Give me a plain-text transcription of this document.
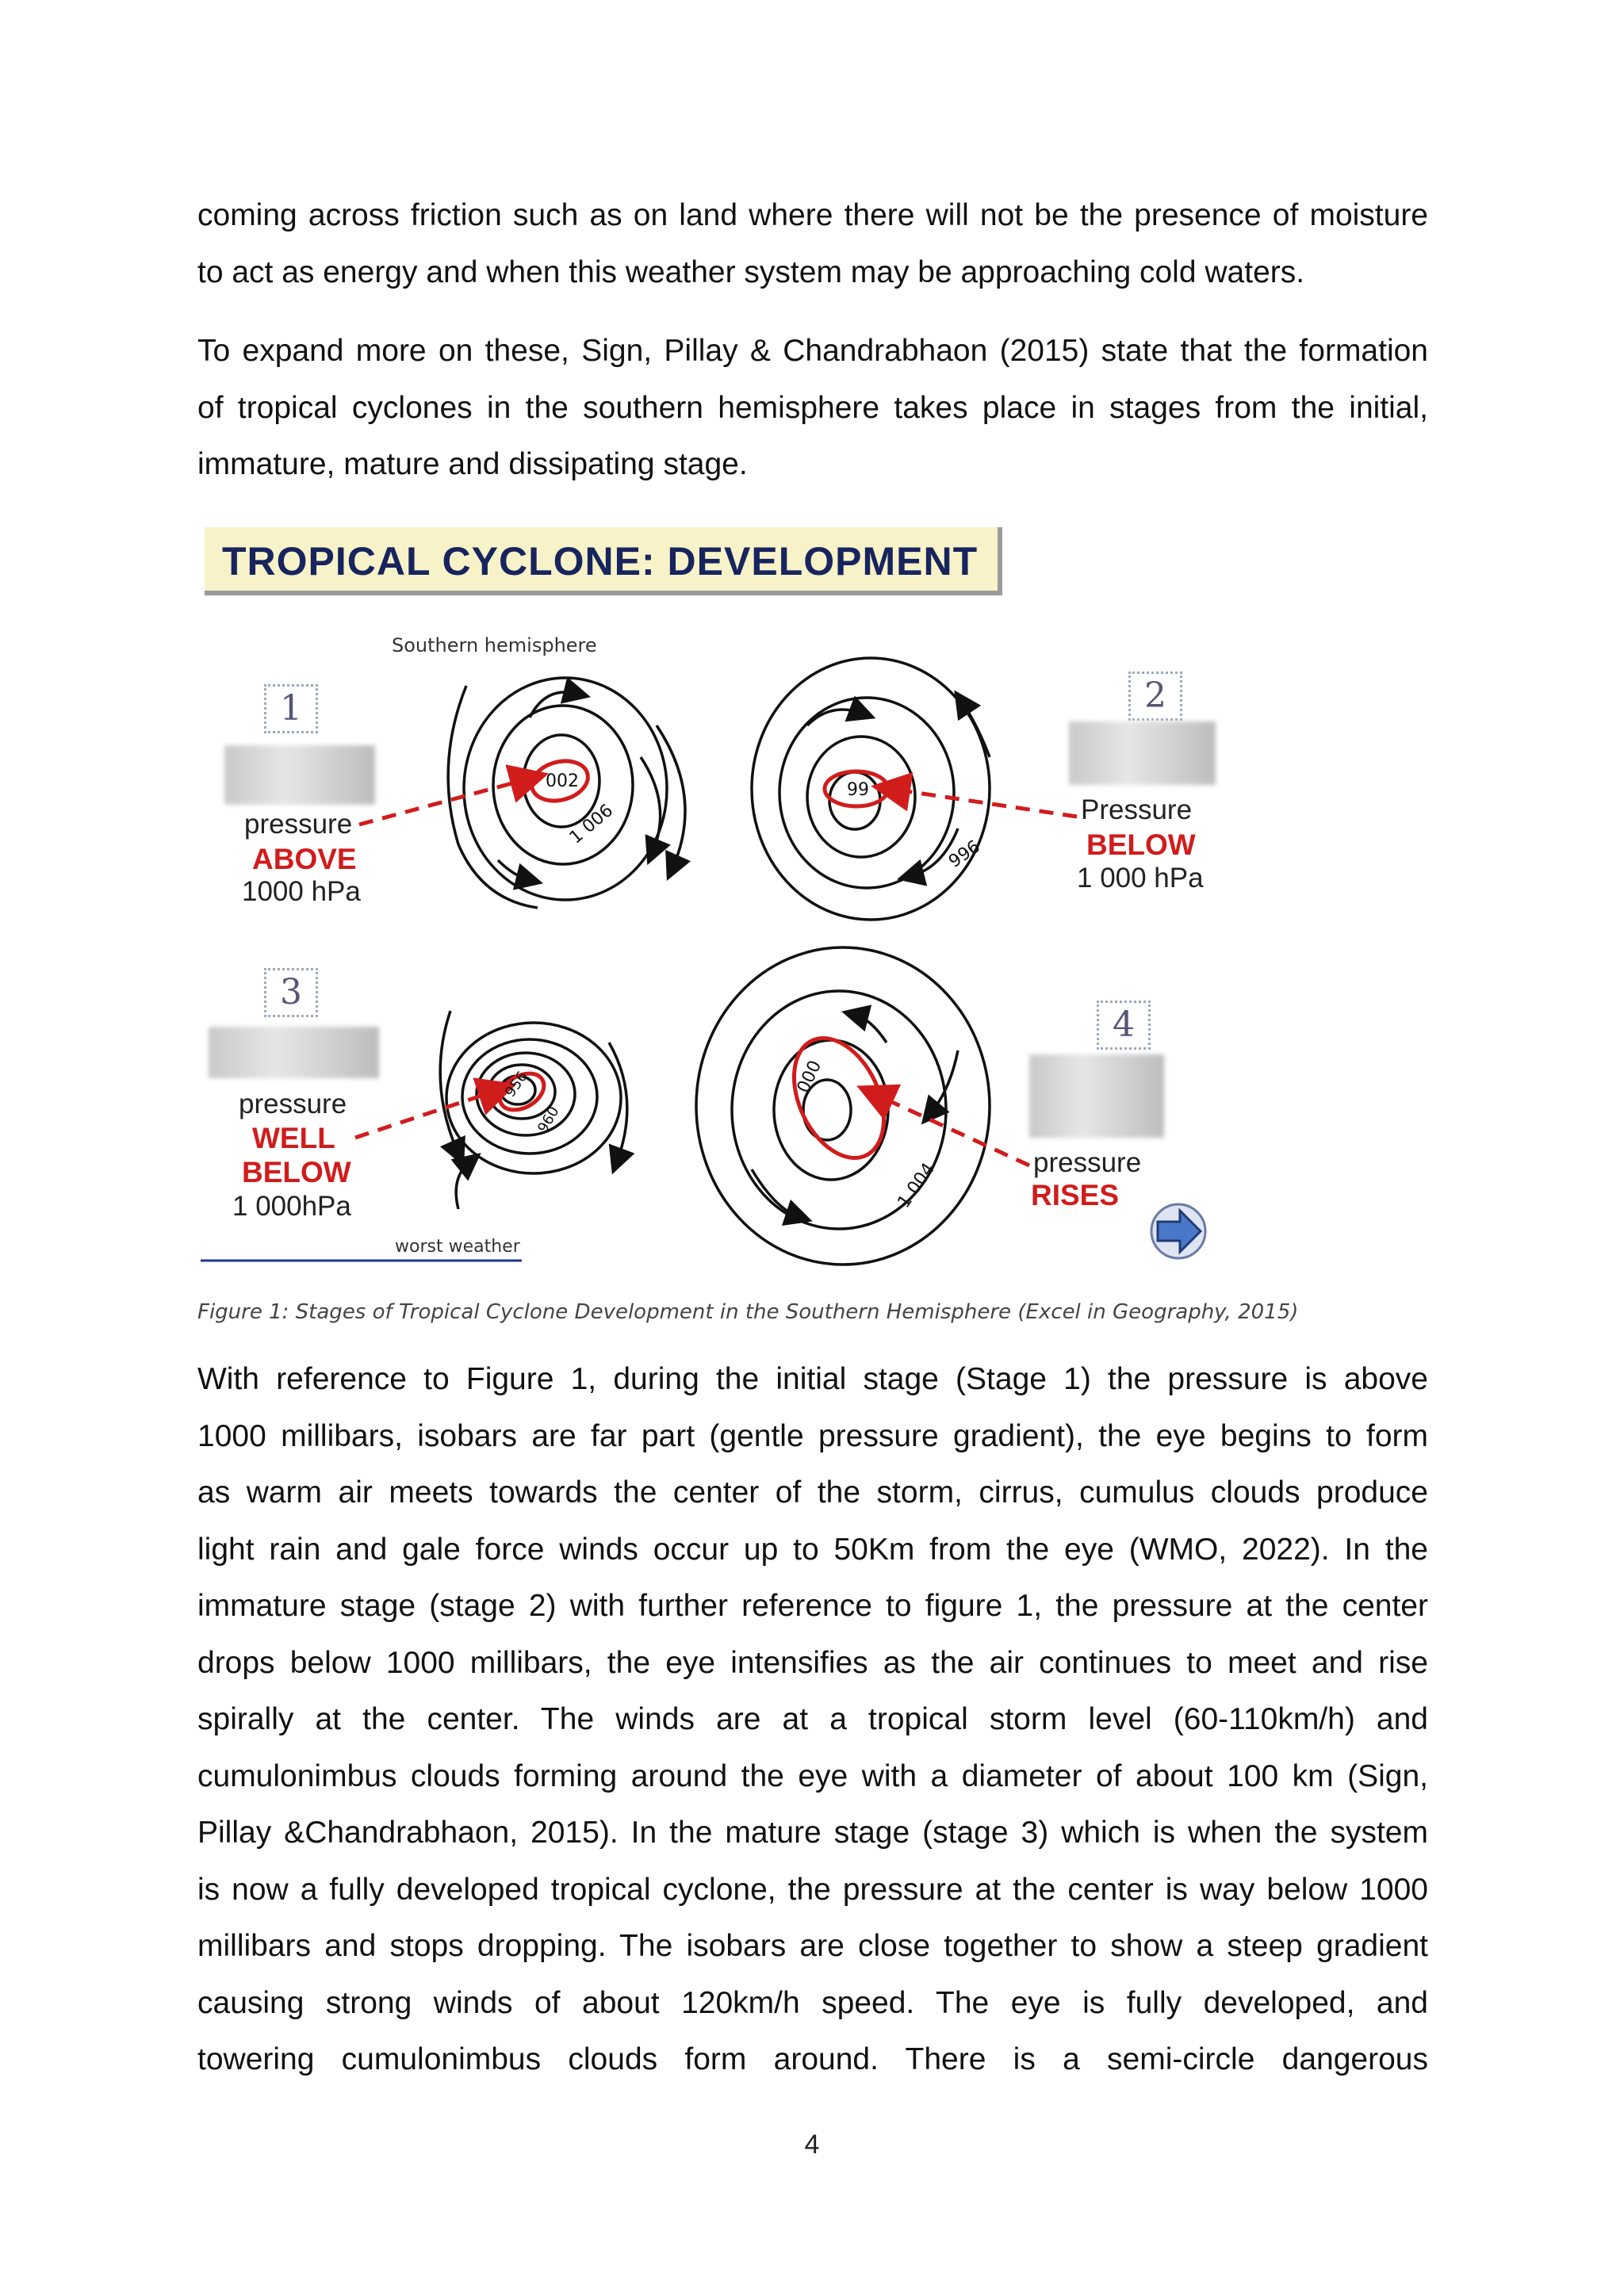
coming across friction such as on land where there will not be the presence of moisture
to act as energy and when this weather system may be approaching cold waters.

To expand more on these, Sign, Pillay & Chandrabhaon (2015) state that the formation
of tropical cyclones in the southern hemisphere takes place in stages from the initial,
immature, mature and dissipating stage.

TROPICAL CYCLONE: DEVELOPMENT
002
1 006
99
996
956
960
000
1 004
Southern hemisphere
1
pressure
ABOVE
1000 hPa
2
Pressure
BELOW
1 000 hPa
3
pressure
WELL
BELOW
1 000hPa
worst weather
4
pressure
RISES
Figure 1: Stages of Tropical Cyclone Development in the Southern Hemisphere (Excel in Geography, 2015)

With reference to Figure 1, during the initial stage (Stage 1) the pressure is above
1000 millibars, isobars are far part (gentle pressure gradient), the eye begins to form
as warm air meets towards the center of the storm, cirrus, cumulus clouds produce
light rain and gale force winds occur up to 50Km from the eye (WMO, 2022). In the
immature stage (stage 2) with further reference to figure 1, the pressure at the center
drops below 1000 millibars, the eye intensifies as the air continues to meet and rise
spirally at the center. The winds are at a tropical storm level (60-110km/h) and
cumulonimbus clouds forming around the eye with a diameter of about 100 km (Sign,
Pillay &Chandrabhaon, 2015). In the mature stage (stage 3) which is when the system
is now a fully developed tropical cyclone, the pressure at the center is way below 1000
millibars and stops dropping. The isobars are close together to show a steep gradient
causing strong winds of about 120km/h speed. The eye is fully developed, and
towering cumulonimbus clouds form around. There is a semi-circle dangerous

4
